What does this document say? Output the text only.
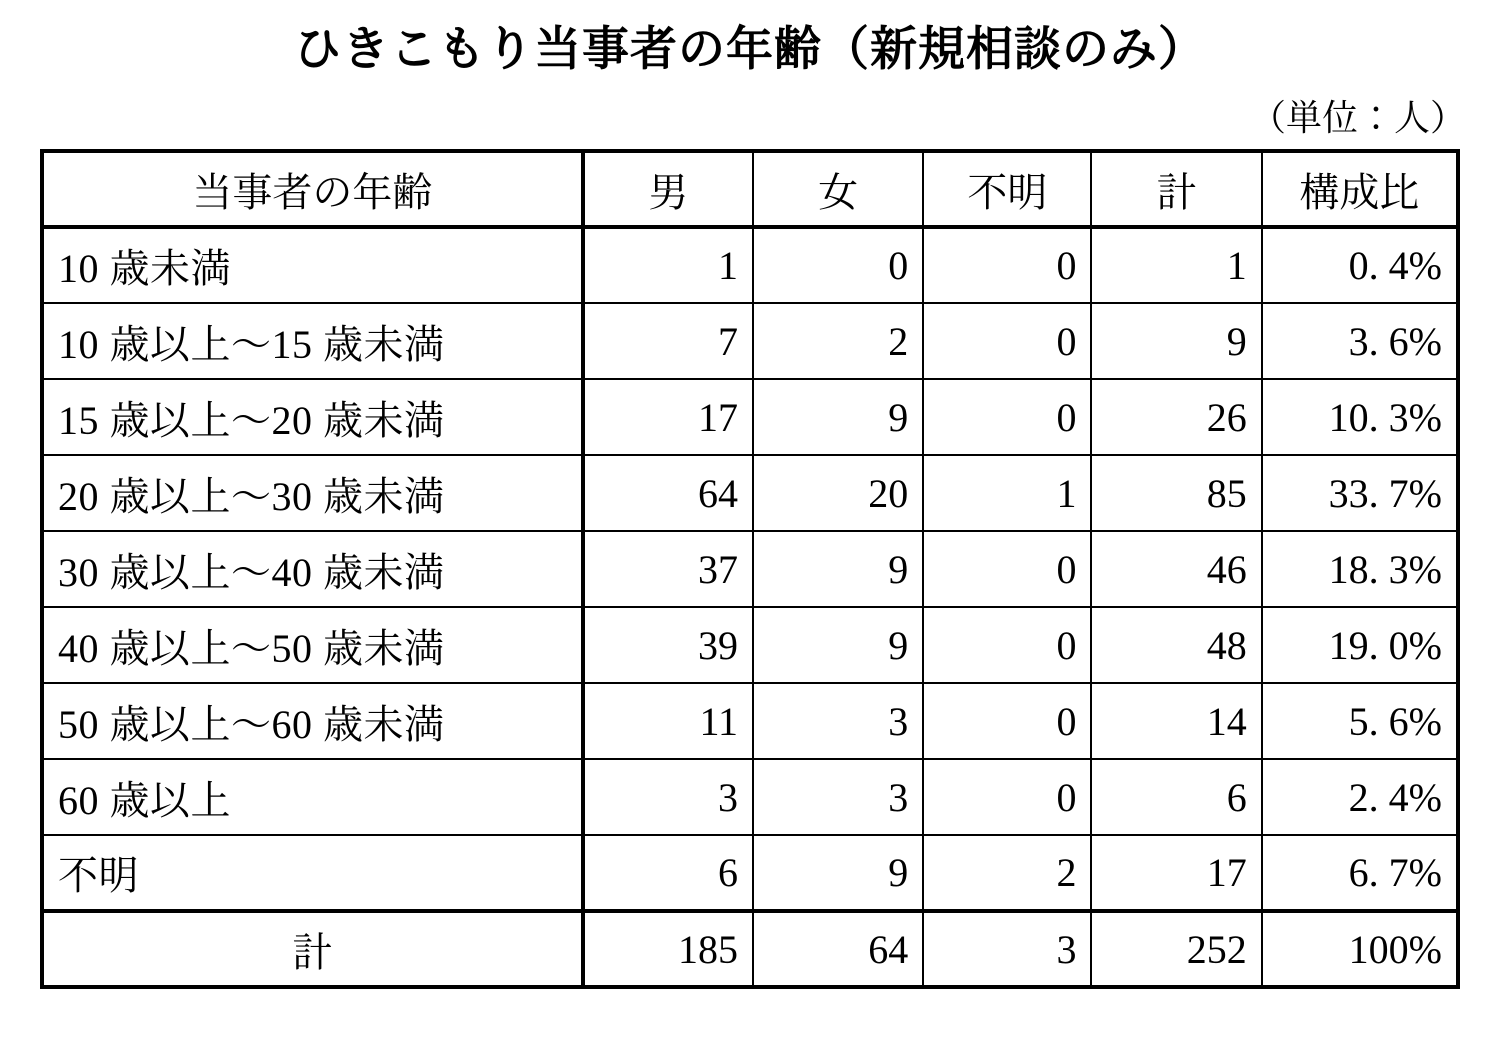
ひきこもり当事者の年齢（新規相談のみ）
（単位：人）
当事者の年齢	男	女	不明	計	構成比
10 歳未満	1	0	0	1	0. 4%
10 歳以上〜15 歳未満	7	2	0	9	3. 6%
15 歳以上〜20 歳未満	17	9	0	26	10. 3%
20 歳以上〜30 歳未満	64	20	1	85	33. 7%
30 歳以上〜40 歳未満	37	9	0	46	18. 3%
40 歳以上〜50 歳未満	39	9	0	48	19. 0%
50 歳以上〜60 歳未満	11	3	0	14	5. 6%
60 歳以上	3	3	0	6	2. 4%
不明	6	9	2	17	6. 7%
計	185	64	3	252	100%
